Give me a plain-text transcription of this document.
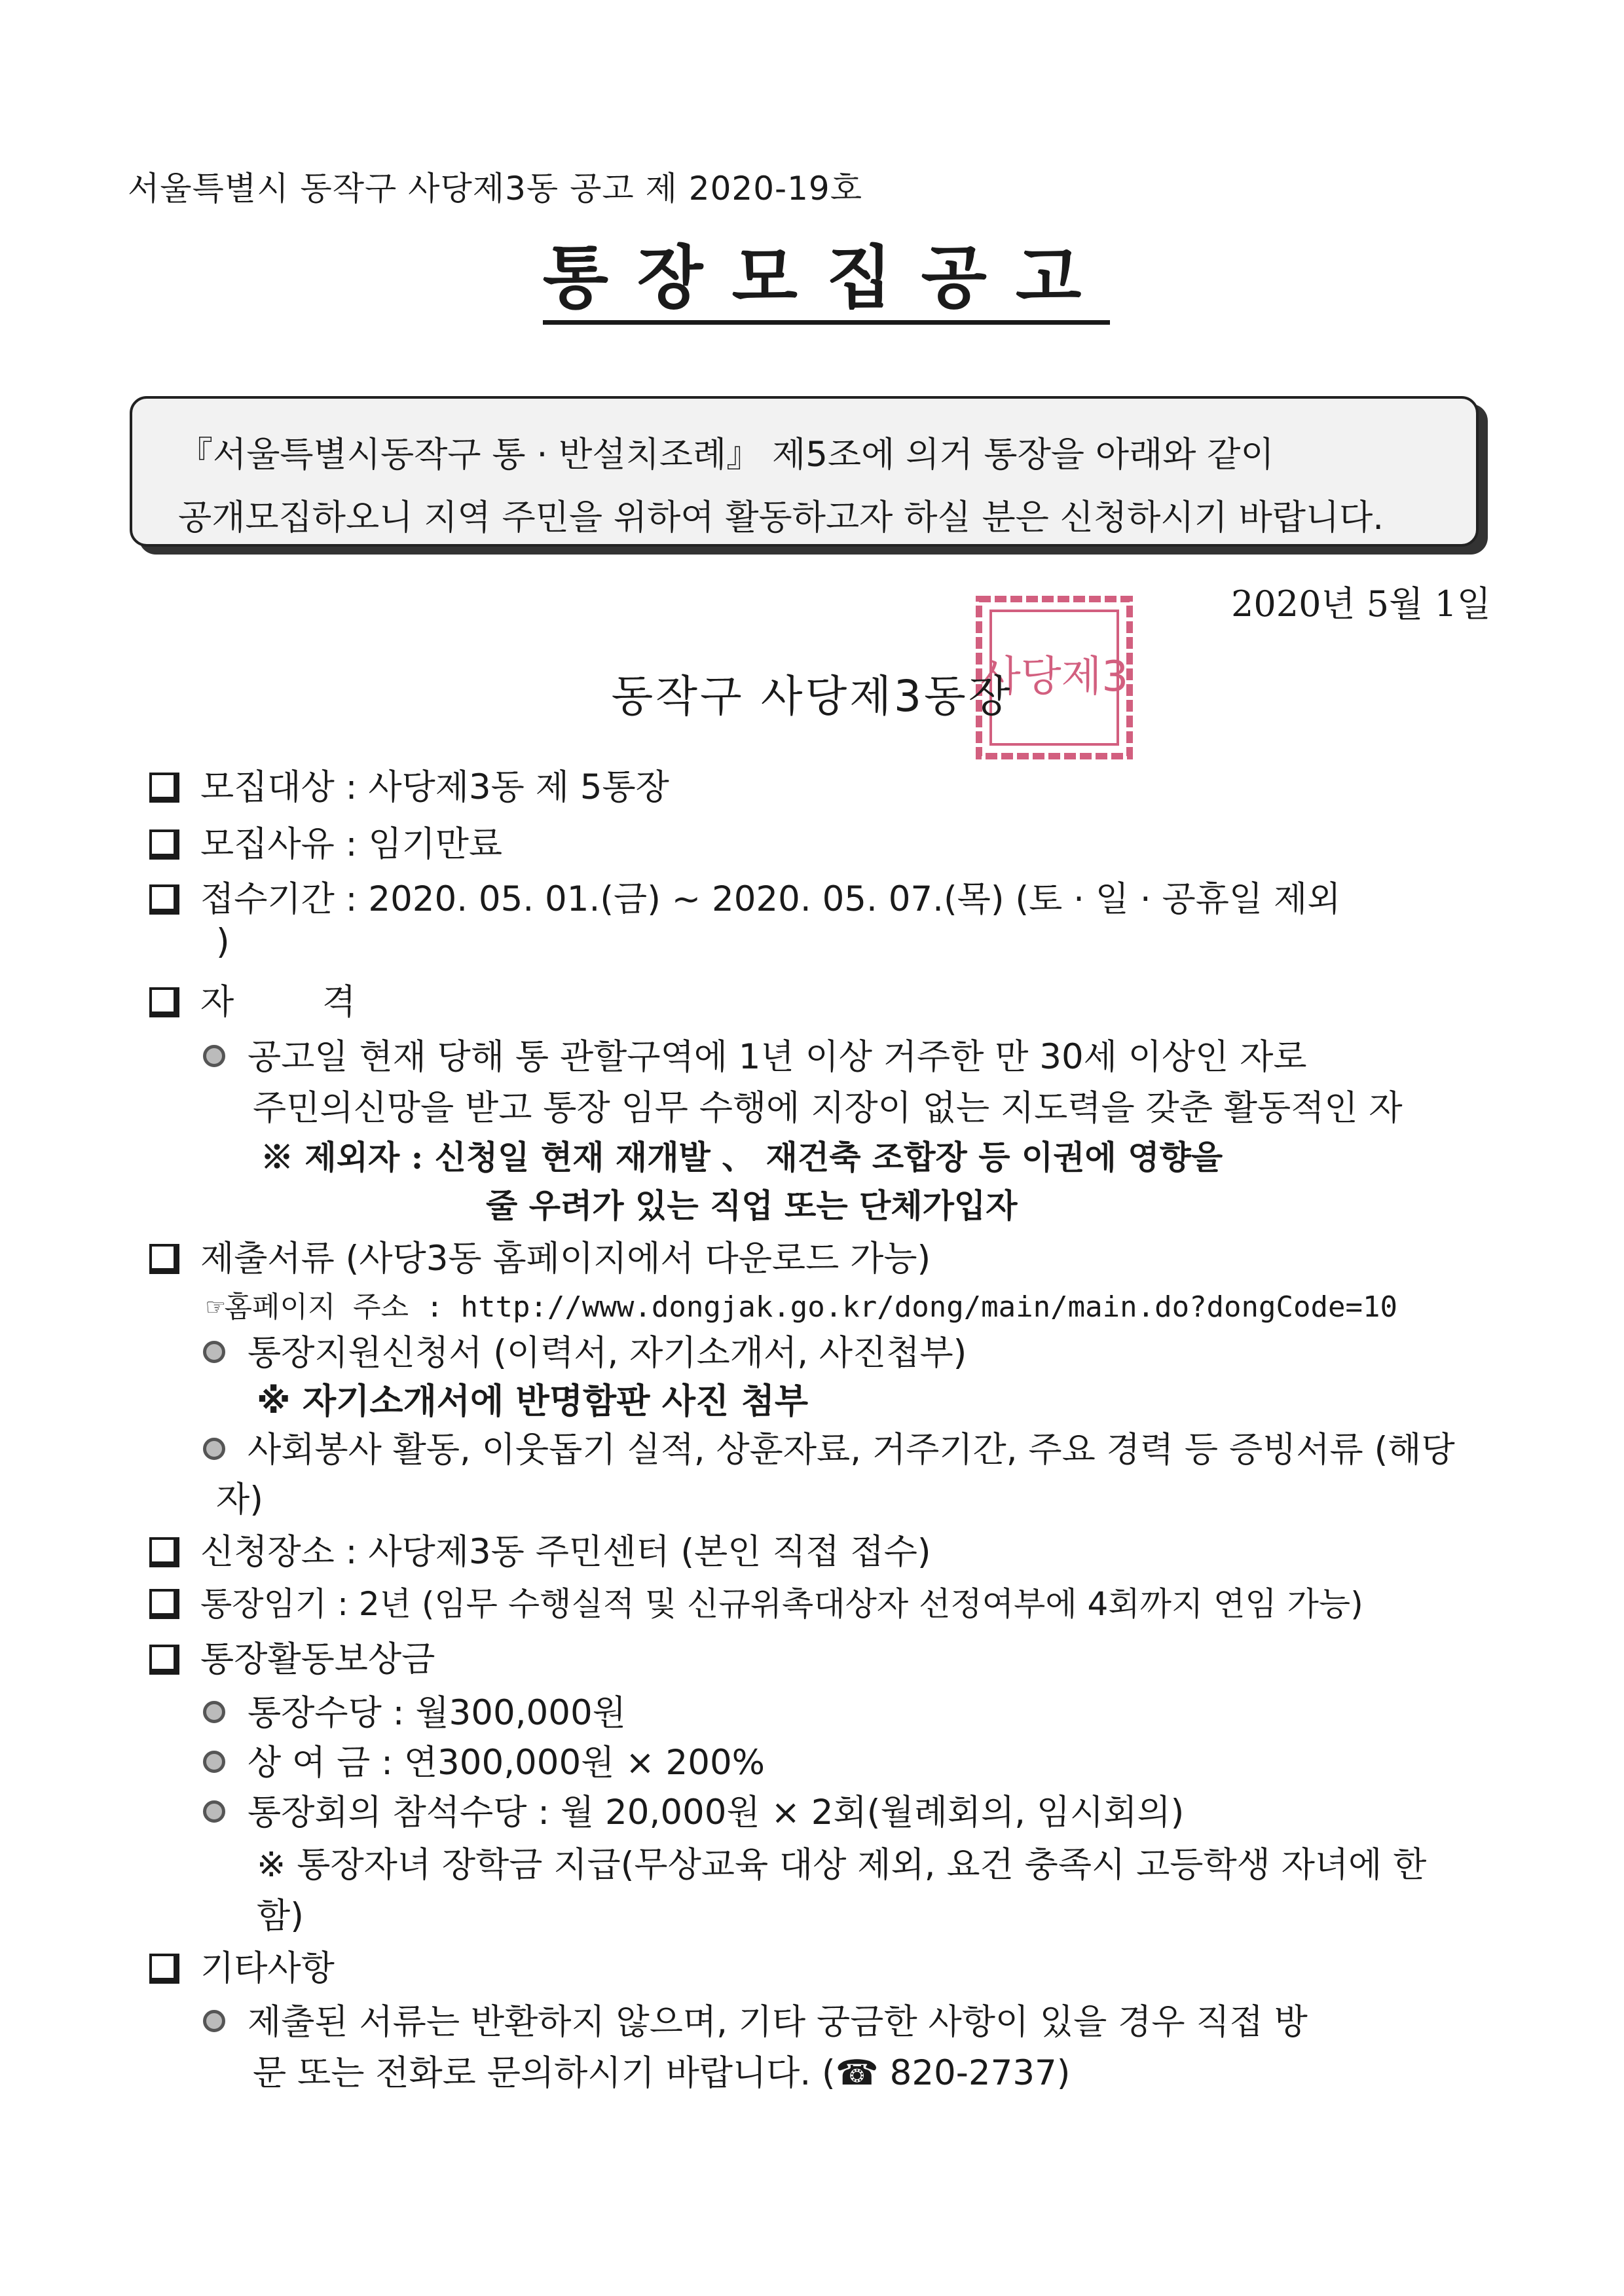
서울특별시 동작구 사당제3동 공고 제 2020-19호
통장모집공고
『서울특별시동작구 통 · 반설치조례』 제5조에 의거 통장을 아래와 같이
공개모집하오니 지역 주민을 위하여 활동하고자 하실 분은 신청하시기 바랍니다.
2020년 5월 1일
사당제3
동작구 사당제3동장
모집대상 : 사당제3동 제 5통장
모집사유 : 임기만료
접수기간 : 2020. 05. 01.(금) ~ 2020. 05. 07.(목) (토 · 일 · 공휴일 제외
)
자        격
공고일 현재 당해 통 관할구역에 1년 이상 거주한 만 30세 이상인 자로
주민의신망을 받고 통장 임무 수행에 지장이 없는 지도력을 갖춘 활동적인 자
※ 제외자 : 신청일 현재 재개발 、 재건축 조합장 등 이권에 영향을
줄 우려가 있는 직업 또는 단체가입자
제출서류 (사당3동 홈페이지에서 다운로드 가능)
☞홈페이지 주소 : http://www.dongjak.go.kr/dong/main/main.do?dongCode=10
통장지원신청서 (이력서, 자기소개서, 사진첩부)
※ 자기소개서에 반명함판 사진 첨부
사회봉사 활동, 이웃돕기 실적, 상훈자료, 거주기간, 주요 경력 등 증빙서류 (해당
자)
신청장소 : 사당제3동 주민센터 (본인 직접 접수)
통장임기 : 2년 (임무 수행실적 및 신규위촉대상자 선정여부에 4회까지 연임 가능)
통장활동보상금
통장수당 : 월300,000원
상 여 금 : 연300,000원 × 200%
통장회의 참석수당 : 월 20,000원 × 2회(월례회의, 임시회의)
※ 통장자녀 장학금 지급(무상교육 대상 제외, 요건 충족시 고등학생 자녀에 한
함)
기타사항
제출된 서류는 반환하지 않으며, 기타 궁금한 사항이 있을 경우 직접 방
문 또는 전화로 문의하시기 바랍니다. (☎ 820-2737)
